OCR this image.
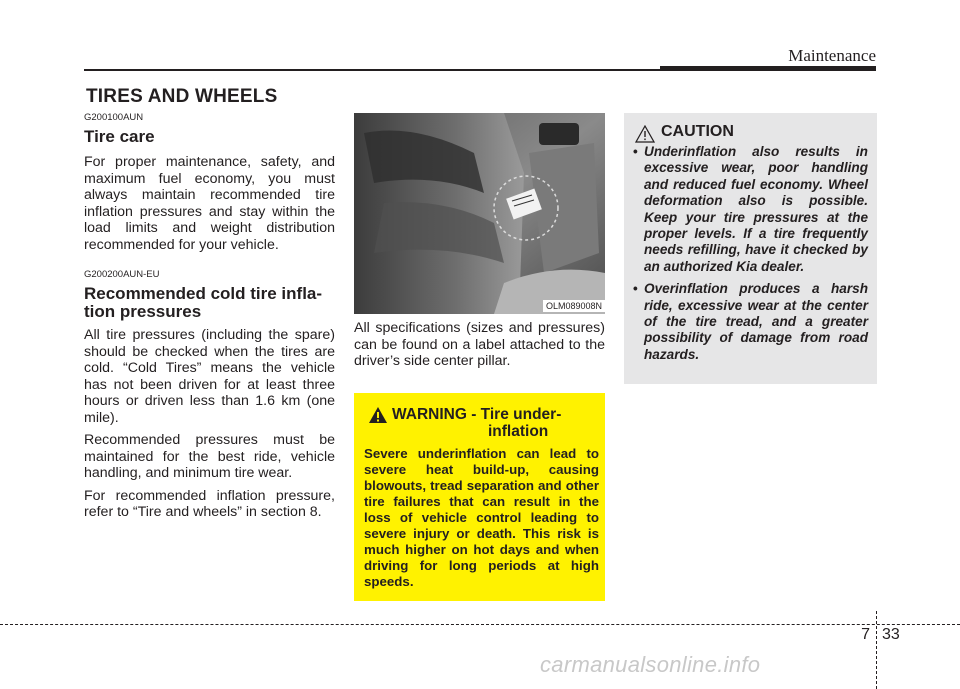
Maintenance
TIRES AND WHEELS
G200100AUN
Tire care
For proper maintenance, safety, and maximum fuel economy, you must always maintain recommended tire inflation pressures and stay within the load limits and weight distribution recommended for your vehicle.
G200200AUN-EU
Recommended cold tire infla-
tion pressures
All tire pressures (including the spare) should be checked when the tires are cold. “Cold Tires” means the vehicle has not been driven for at least three hours or driven less than 1.6 km (one mile).
Recommended pressures must be maintained for the best ride, vehicle handling, and minimum tire wear.
For recommended inflation pressure, refer to “Tire and wheels” in section 8.
OLM089008N
All specifications (sizes and pressures) can be found on a label attached to the driver’s side center pillar.
WARNING - Tire under-
inflation
Severe underinflation can lead to severe heat build-up, causing blowouts, tread separation and other tire failures that can result in the loss of vehicle control leading to severe injury or death. This risk is much higher on hot days and when driving for long periods at high speeds.
CAUTION
• Underinflation also results in excessive wear, poor handling and reduced fuel economy. Wheel deformation also is possible. Keep your tire pressures at the proper levels. If a tire frequently needs refilling, have it checked by an authorized Kia dealer.
• Overinflation produces a harsh ride, excessive wear at the center of the tire tread, and a greater possibility of damage from road hazards.
7 33
carmanualsonline.info
